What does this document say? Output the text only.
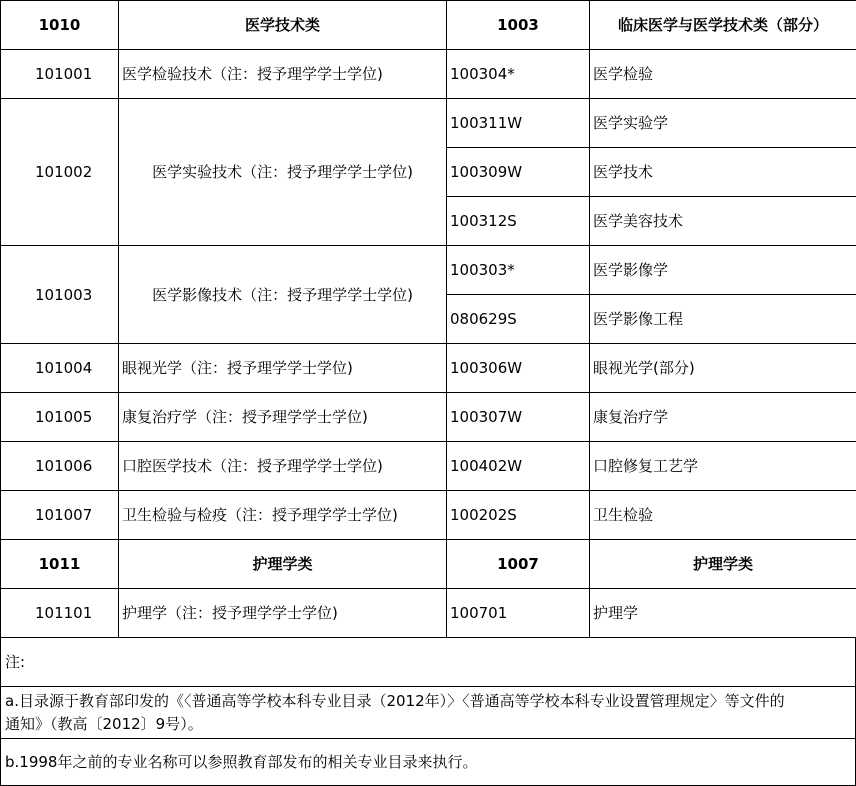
1010	医学技术类	1003	临床医学与医学技术类（部分）
101001	医学检验技术（注：授予理学学士学位)	100304*	医学检验
101002	医学实验技术（注：授予理学学士学位)	100311W	医学实验学
		100309W	医学技术
		100312S	医学美容技术
101003	医学影像技术（注：授予理学学士学位)	100303*	医学影像学
		080629S	医学影像工程
101004	眼视光学（注：授予理学学士学位)	100306W	眼视光学(部分)
101005	康复治疗学（注：授予理学学士学位)	100307W	康复治疗学
101006	口腔医学技术（注：授予理学学士学位)	100402W	口腔修复工艺学
101007	卫生检验与检疫（注：授予理学学士学位)	100202S	卫生检验
1011	护理学类	1007	护理学类
101101	护理学（注：授予理学学士学位)	100701	护理学
注:
a.目录源于教育部印发的《〈普通高等学校本科专业目录（2012年）〉〈普通高等学校本科专业设置管理规定〉等文件的
通知》（教高〔2012〕9号）。
b.1998年之前的专业名称可以参照教育部发布的相关专业目录来执行。
